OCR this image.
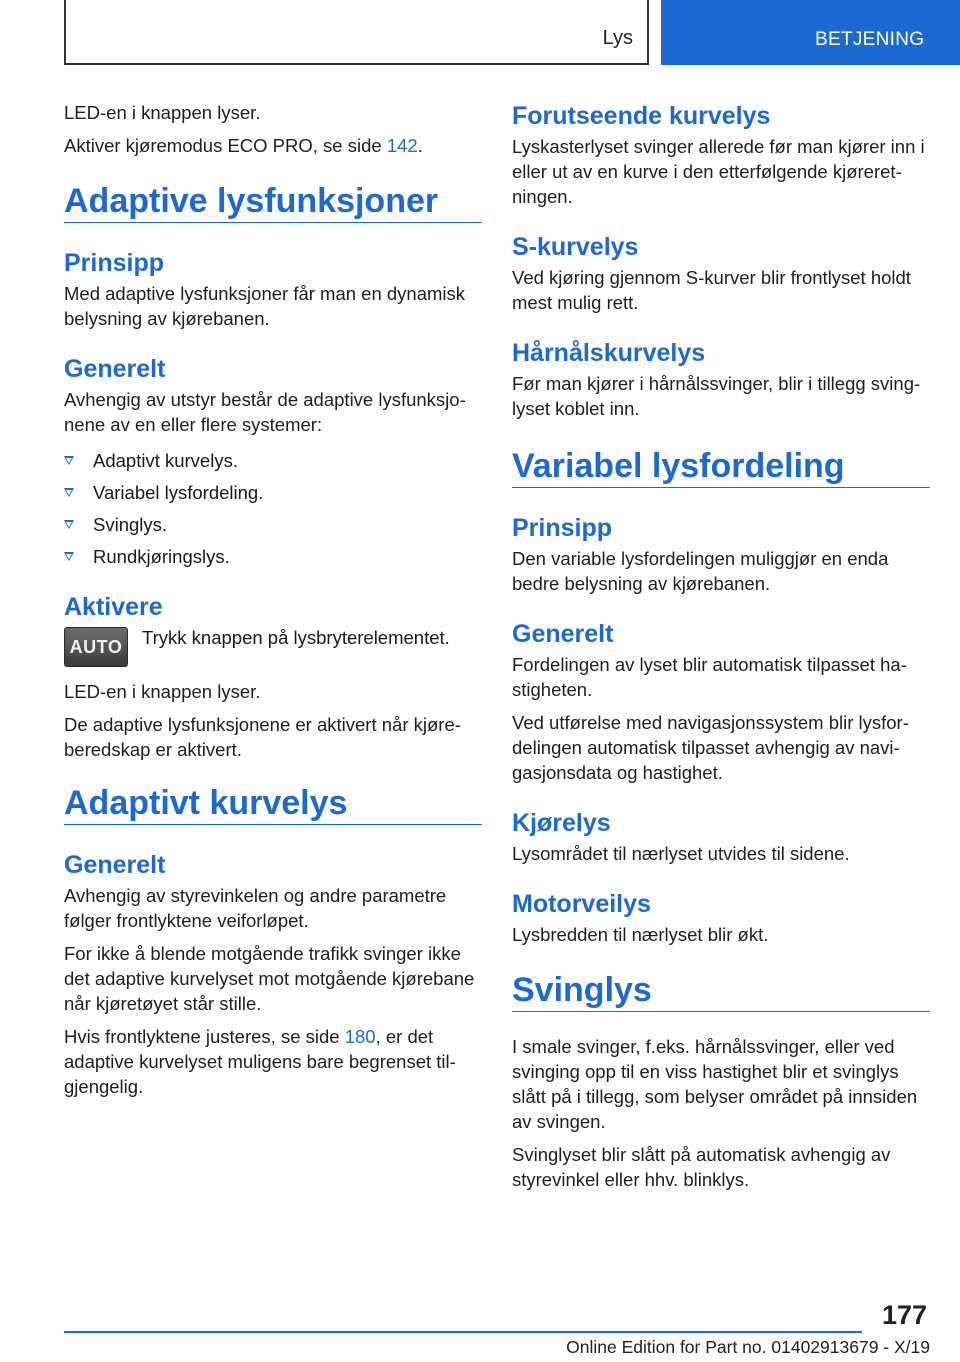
Lys	BETJENING

LED-en i knappen lyser.

Aktiver kjøremodus ECO PRO, se side 142.

Adaptive lysfunksjoner
Prinsipp

Med adaptive lysfunksjoner får man en dynamisk belysning av kjørebanen.

Generelt

Avhengig av utstyr består de adaptive lysfunksjonene av en eller flere systemer:

Adaptivt kurvelys.
Variabel lysfordeling.
Svinglys.
Rundkjøringslys.
Aktivere
AUTO	Trykk knappen på lysbryterelementet.

LED-en i knappen lyser.

De adaptive lysfunksjonene er aktivert når kjøreberedskap er aktivert.

Adaptivt kurvelys
Generelt

Avhengig av styrevinkelen og andre parametre følger frontlyktene veiforløpet.

For ikke å blende motgående trafikk svinger ikke det adaptive kurvelyset mot motgående kjørebane når kjøretøyet står stille.

Hvis frontlyktene justeres, se side 180, er det adaptive kurvelyset muligens bare begrenset tilgjengelig.

Forutseende kurvelys

Lyskasterlyset svinger allerede før man kjører inn i eller ut av en kurve i den etterfølgende kjøreretningen.

S-kurvelys

Ved kjøring gjennom S-kurver blir frontlyset holdt mest mulig rett.

Hårnålskurvelys

Før man kjører i hårnålssvinger, blir i tillegg svinglyset koblet inn.

Variabel lysfordeling
Prinsipp

Den variable lysfordelingen muliggjør en enda bedre belysning av kjørebanen.

Generelt

Fordelingen av lyset blir automatisk tilpasset hastigheten.

Ved utførelse med navigasjonssystem blir lysfordelingen automatisk tilpasset avhengig av navigasjonsdata og hastighet.

Kjørelys

Lysområdet til nærlyset utvides til sidene.

Motorveilys

Lysbredden til nærlyset blir økt.

Svinglys

I smale svinger, f.eks. hårnålssvinger, eller ved svinging opp til en viss hastighet blir et svinglys slått på i tillegg, som belyser området på innsiden av svingen.

Svinglyset blir slått på automatisk avhengig av styrevinkel eller hhv. blinklys.

177
Online Edition for Part no. 01402913679 - X/19
